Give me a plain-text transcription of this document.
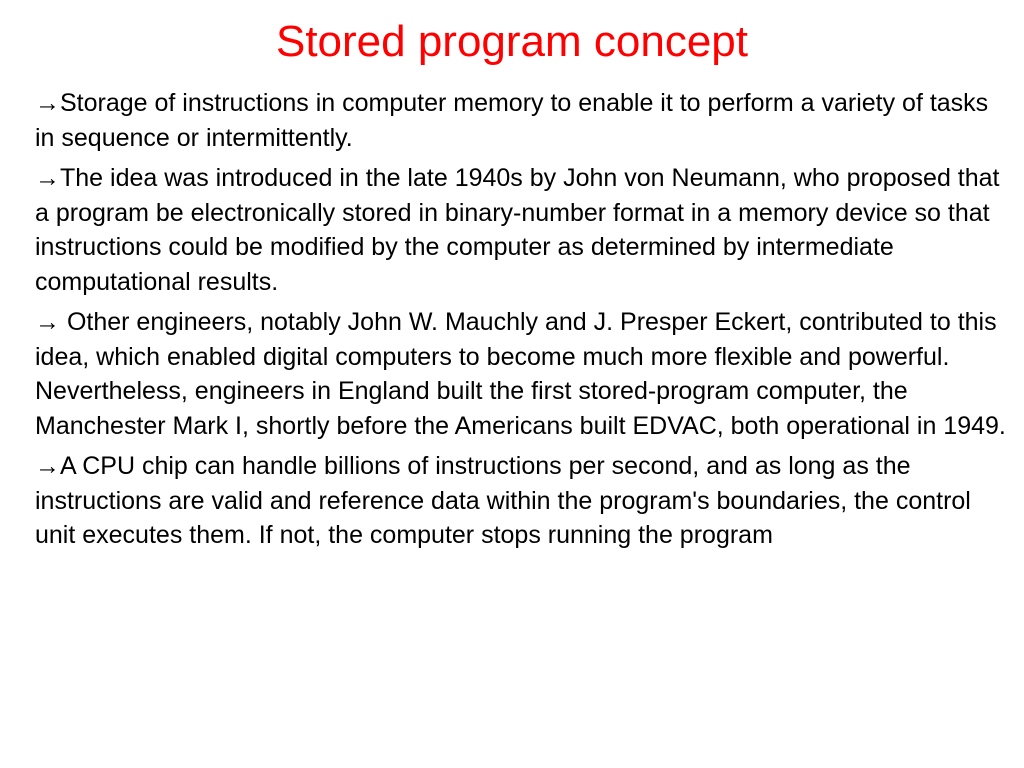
Stored program concept

→Storage of instructions in computer memory to enable it to perform a variety of tasks in sequence or intermittently.

→The idea was introduced in the late 1940s by John von Neumann, who proposed that a program be electronically stored in binary-number format in a memory device so that instructions could be modified by the computer as determined by intermediate computational results.

→ Other engineers, notably John W. Mauchly and J. Presper Eckert, contributed to this idea, which enabled digital computers to become much more flexible and powerful. Nevertheless, engineers in England built the first stored-program computer, the Manchester Mark I, shortly before the Americans built EDVAC, both operational in 1949.

→A CPU chip can handle billions of instructions per second, and as long as the instructions are valid and reference data within the program's boundaries, the control unit executes them. If not, the computer stops running the program
